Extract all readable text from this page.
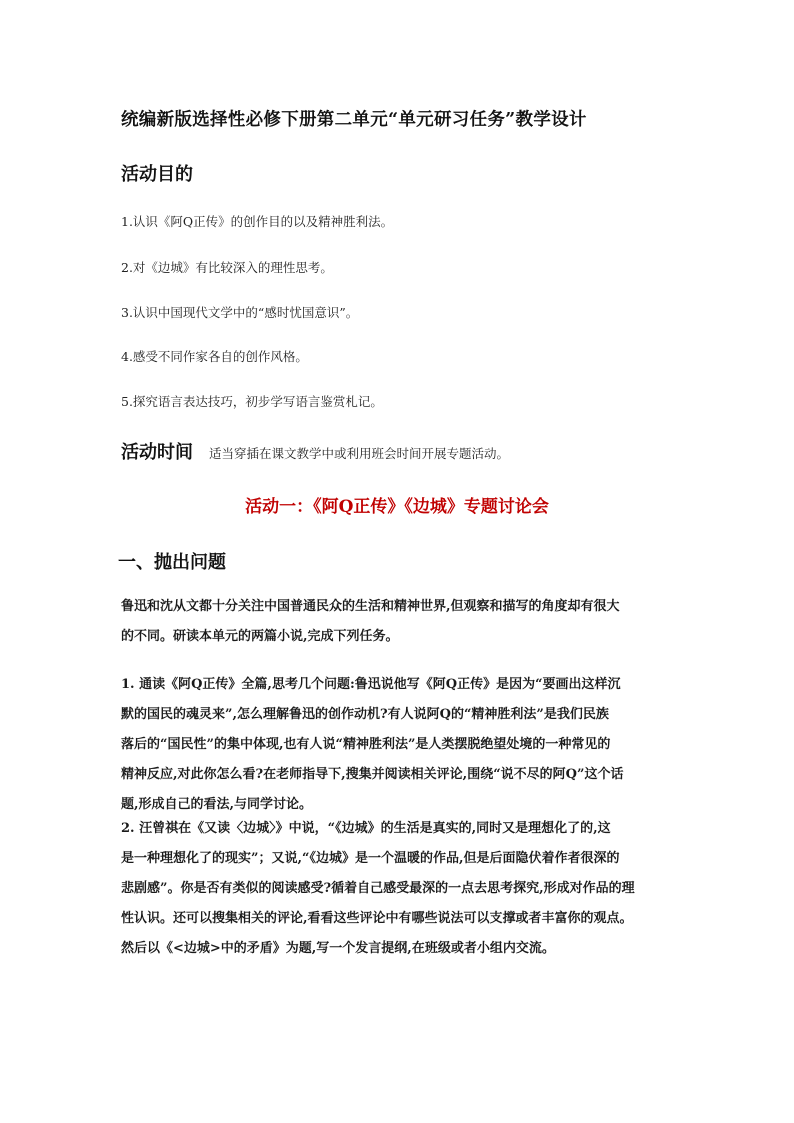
统编新版选择性必修下册第二单元“单元研习任务”教学设计
活动目的
1.认识《阿Q正传》的创作目的以及精神胜利法。
2.对《边城》有比较深入的理性思考。
3.认识中国现代文学中的“感时忧国意识”。
4.感受不同作家各自的创作风格。
5.探究语言表达技巧，初步学写语言鉴赏札记。
活动时间 适当穿插在课文教学中或利用班会时间开展专题活动。
活动一：《阿Q正传》《边城》专题讨论会
一、抛出问题
鲁迅和沈从文都十分关注中国普通民众的生活和精神世界,但观察和描写的角度却有很大
的不同。研读本单元的两篇小说,完成下列任务。
1. 通读《阿Q正传》全篇,思考几个问题:鲁迅说他写《阿Q正传》是因为“要画出这样沉
默的国民的魂灵来”,怎么理解鲁迅的创作动机?有人说阿Q的“精神胜利法”是我们民族
落后的“国民性”的集中体现,也有人说“精神胜利法”是人类摆脱绝望处境的一种常见的
精神反应,对此你怎么看?在老师指导下,搜集并阅读相关评论,围绕“说不尽的阿Q”这个话
题,形成自己的看法,与同学讨论。
2. 汪曾祺在《又读〈边城〉》中说，“《边城》的生活是真实的,同时又是理想化了的,这
是一种理想化了的现实”；又说,“《边城》是一个温暖的作品,但是后面隐伏着作者很深的
悲剧感”。你是否有类似的阅读感受?循着自己感受最深的一点去思考探究,形成对作品的理
性认识。还可以搜集相关的评论,看看这些评论中有哪些说法可以支撑或者丰富你的观点。
然后以《<边城>中的矛盾》为题,写一个发言提纲,在班级或者小组内交流。
